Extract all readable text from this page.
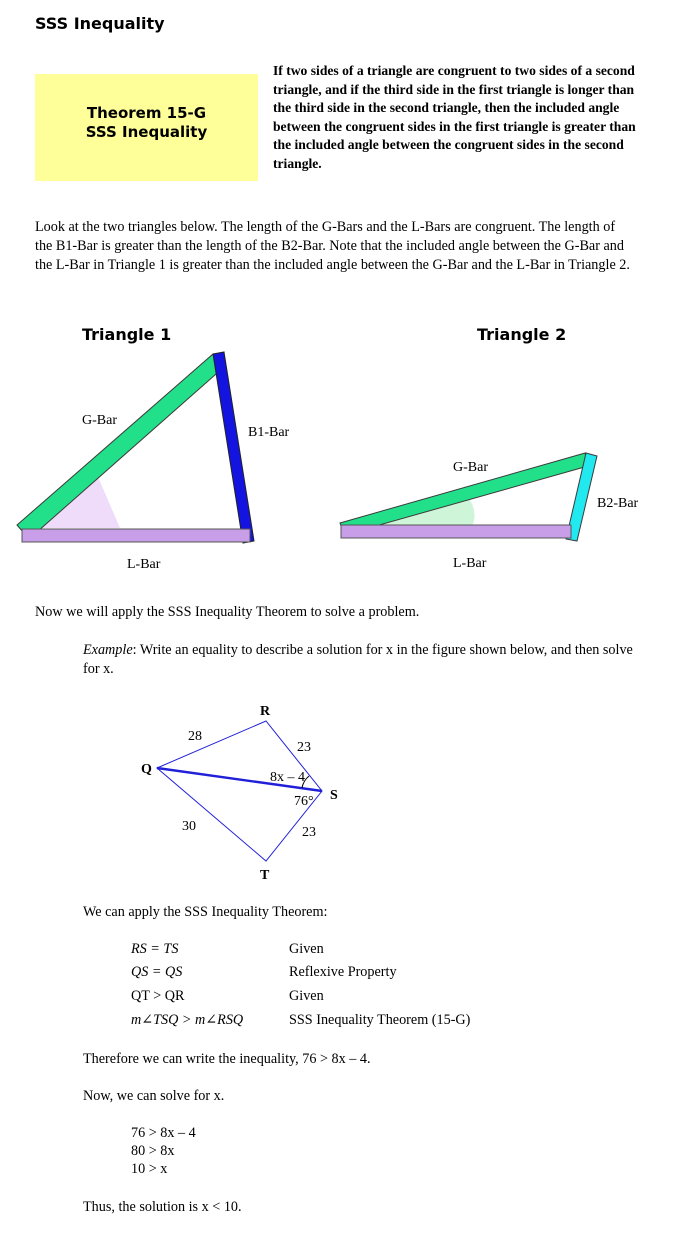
SSS Inequality
Theorem 15-G
SSS Inequality
If two sides of a triangle are congruent to two sides of a second triangle, and if the third side in the first triangle is longer than the third side in the second triangle, then the included angle between the congruent sides in the first triangle is greater than the included angle between the congruent sides in the second triangle.
Look at the two triangles below. The length of the G-Bars and the L-Bars are congruent. The length of the B1-Bar is greater than the length of the B2-Bar. Note that the included angle between the G-Bar and the L-Bar in Triangle 1 is greater than the included angle between the G-Bar and the L-Bar in Triangle 2.
Triangle 1
G-Bar
B1-Bar
L-Bar
Triangle 2
G-Bar
B2-Bar
L-Bar
Now we will apply the SSS Inequality Theorem to solve a problem.
Example: Write an equality to describe a solution for x in the figure shown below, and then solve for x.
R
Q
S
T
28
23
30	23
8x – 4
76°
We can apply the SSS Inequality Theorem:
RS = TS	Given
QS = QS	Reflexive Property
QT > QR	Given
m∠TSQ > m∠RSQ	SSS Inequality Theorem (15-G)
Therefore we can write the inequality, 76 > 8x – 4.
Now, we can solve for x.
76 > 8x – 4
80 > 8x
10 > x
Thus, the solution is x < 10.
